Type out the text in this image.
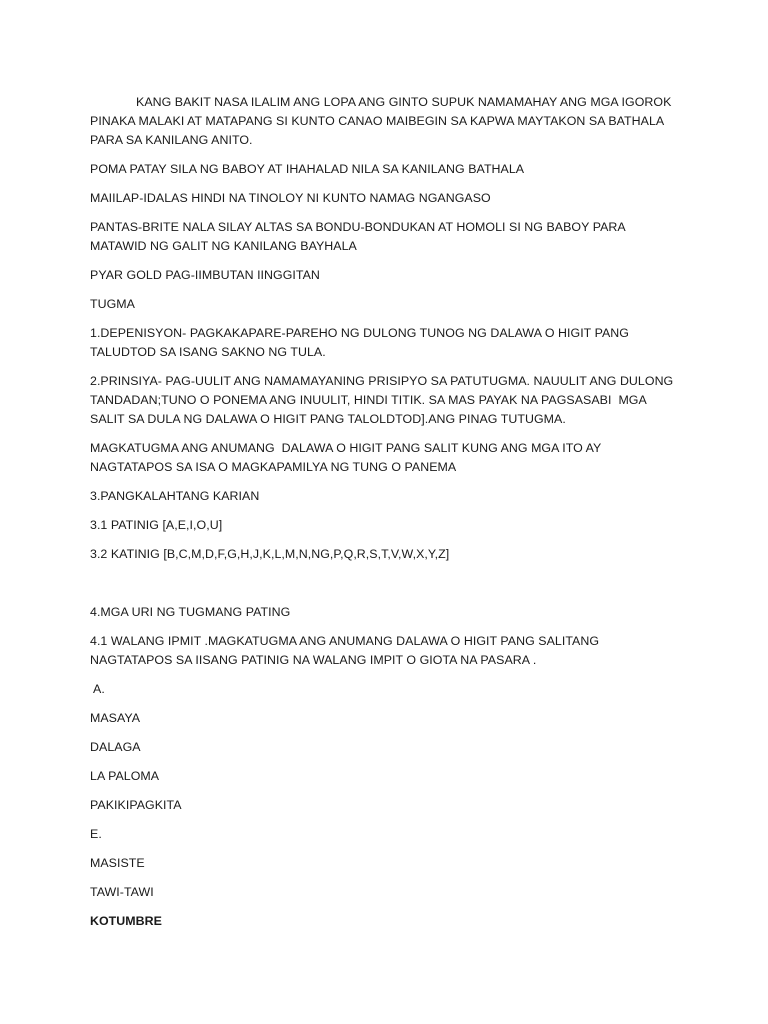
KANG BAKIT NASA ILALIM ANG LOPA ANG GINTO SUPUK NAMAMAHAY ANG MGA IGOROK PINAKA MALAKI AT MATAPANG SI KUNTO CANAO MAIBEGIN SA KAPWA MAYTAKON SA BATHALA PARA SA KANILANG ANITO.

POMA PATAY SILA NG BABOY AT IHAHALAD NILA SA KANILANG BATHALA

MAIILAP-IDALAS HINDI NA TINOLOY NI KUNTO NAMAG NGANGASO

PANTAS-BRITE NALA SILAY ALTAS SA BONDU-BONDUKAN AT HOMOLI SI NG BABOY PARA MATAWID NG GALIT NG KANILANG BAYHALA

PYAR GOLD PAG-IIMBUTAN IINGGITAN

TUGMA

1.DEPENISYON- PAGKAKAPARE-PAREHO NG DULONG TUNOG NG DALAWA O HIGIT PANG TALUDTOD SA ISANG SAKNO NG TULA.

2.PRINSIYA- PAG-UULIT ANG NAMAMAYANING PRISIPYO SA PATUTUGMA. NAUULIT ANG DULONG TANDADAN;TUNO O PONEMA ANG INUULIT, HINDI TITIK. SA MAS PAYAK NA PAGSASABI  MGA SALIT SA DULA NG DALAWA O HIGIT PANG TALOLDTOD].ANG PINAG TUTUGMA.

MAGKATUGMA ANG ANUMANG  DALAWA O HIGIT PANG SALIT KUNG ANG MGA ITO AY NAGTATAPOS SA ISA O MAGKAPAMILYA NG TUNG O PANEMA

3.PANGKALAHTANG KARIAN

3.1 PATINIG [A,E,I,O,U]

3.2 KATINIG [B,C,M,D,F,G,H,J,K,L,M,N,NG,P,Q,R,S,T,V,W,X,Y,Z]

4.MGA URI NG TUGMANG PATING

4.1 WALANG IPMIT .MAGKATUGMA ANG ANUMANG DALAWA O HIGIT PANG SALITANG NAGTATAPOS SA IISANG PATINIG NA WALANG IMPIT O GIOTA NA PASARA .

A.

MASAYA

DALAGA

LA PALOMA

PAKIKIPAGKITA

E.

MASISTE

TAWI-TAWI

KOTUMBRE
